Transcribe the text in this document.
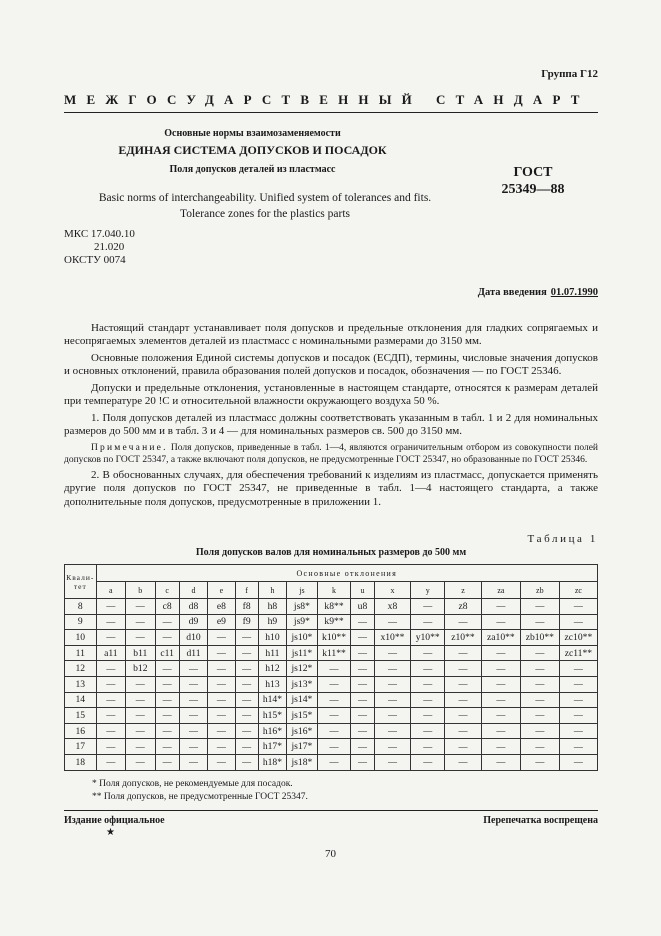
Группа Г12
МЕЖГОСУДАРСТВЕННЫЙ СТАНДАРТ
Основные нормы взаимозаменяемости
ЕДИНАЯ СИСТЕМА ДОПУСКОВ И ПОСАДОК
Поля допусков деталей из пластмасс	ГОСТ
25349—88
Basic norms of interchangeability. Unified system of tolerances and fits.
Tolerance zones for the plastics parts
МКС 17.040.10
21.020
ОКСТУ 0074
Дата введения 01.07.1990

Настоящий стандарт устанавливает поля допусков и предельные отклонения для гладких сопрягаемых и несопрягаемых элементов деталей из пластмасс с номинальными размерами до 3150 мм.

Основные положения Единой системы допусков и посадок (ЕСДП), термины, числовые значения допусков и основных отклонений, правила образования полей допусков и посадок, обозначения — по ГОСТ 25346.

Допуски и предельные отклонения, установленные в настоящем стандарте, относятся к размерам деталей при температуре 20 !С и относительной влажности окружающего воздуха 50 %.

1. Поля допусков деталей из пластмасс должны соответствовать указанным в табл. 1 и 2 для номинальных размеров до 500 мм и в табл. 3 и 4 — для номинальных размеров св. 500 до 3150 мм.

Примечание. Поля допусков, приведенные в табл. 1—4, являются ограничительным отбором из совокупности полей допусков по ГОСТ 25347, а также включают поля допусков, не предусмотренные ГОСТ 25347, но образованные по ГОСТ 25346.

2. В обоснованных случаях, для обеспечения требований к изделиям из пластмасс, допускается применять другие поля допусков по ГОСТ 25347, не приведенные в табл. 1—4 настоящего стандарта, а также дополнительные поля допусков, предусмотренные в приложении 1.

Таблица 1
Поля допусков валов для номинальных размеров до 500 мм
Квали-
тет	Основные отклонения															
	a	b	c	d	e	f	h	js	k	u	x	y	z	za	zb	zc
8	—	—	c8	d8	e8	f8	h8	js8*	k8**	u8	x8	—	z8	—	—	—
9	—	—	—	d9	e9	f9	h9	js9*	k9**	—	—	—	—	—	—	—
10	—	—	—	d10	—	—	h10	js10*	k10**	—	x10**	y10**	z10**	za10**	zb10**	zc10**
11	a11	b11	c11	d11	—	—	h11	js11*	k11**	—	—	—	—	—	—	zc11**
12	—	b12	—	—	—	—	h12	js12*	—	—	—	—	—	—	—	—
13	—	—	—	—	—	—	h13	js13*	—	—	—	—	—	—	—	—
14	—	—	—	—	—	—	h14*	js14*	—	—	—	—	—	—	—	—
15	—	—	—	—	—	—	h15*	js15*	—	—	—	—	—	—	—	—
16	—	—	—	—	—	—	h16*	js16*	—	—	—	—	—	—	—	—
17	—	—	—	—	—	—	h17*	js17*	—	—	—	—	—	—	—	—
18	—	—	—	—	—	—	h18*	js18*	—	—	—	—	—	—	—	—
* Поля допусков, не рекомендуемые для посадок.
** Поля допусков, не предусмотренные ГОСТ 25347.
Издание официальное
★
Перепечатка воспрещена
70
